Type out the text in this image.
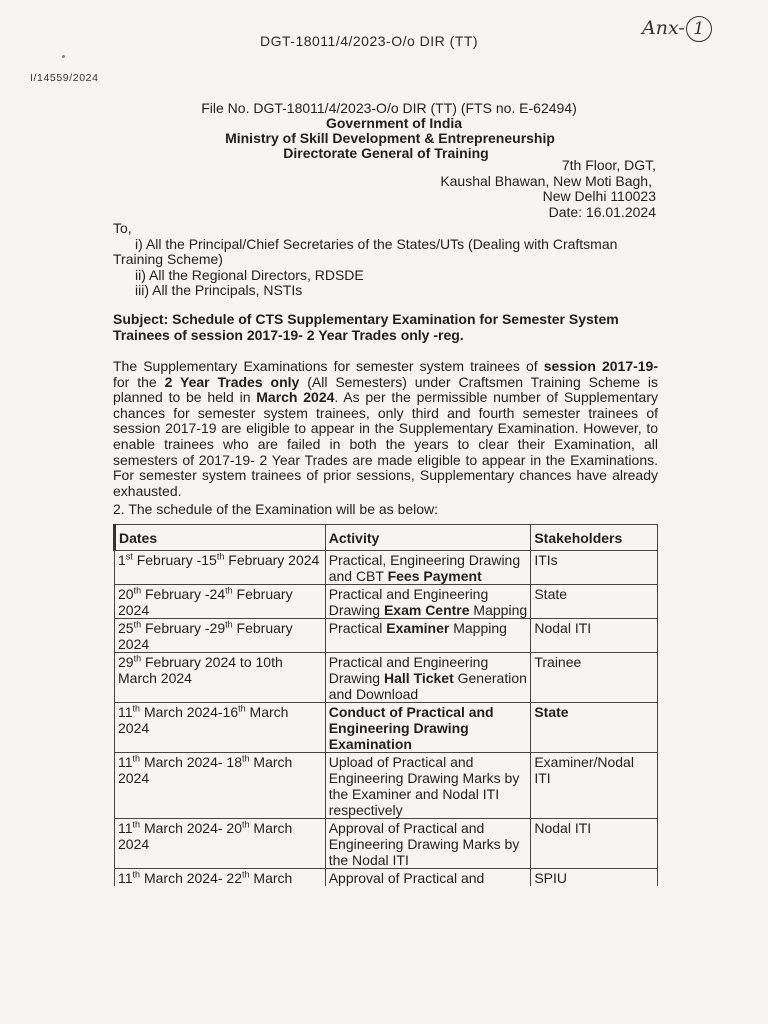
DGT-18011/4/2023-O/o DIR (TT)
Anx- 1
I/14559/2024
File No. DGT-18011/4/2023-O/o DIR (TT) (FTS no. E-62494)
Government of India
Ministry of Skill Development & Entrepreneurship
Directorate General of Training
7th Floor, DGT,
Kaushal Bhawan, New Moti Bagh,
New Delhi 110023
Date: 16.01.2024
To,
i) All the Principal/Chief Secretaries of the States/UTs (Dealing with Craftsman Training Scheme)
ii) All the Regional Directors, RDSDE
iii) All the Principals, NSTIs
Subject: Schedule of CTS Supplementary Examination for Semester System Trainees of session 2017-19- 2 Year Trades only -reg.
The Supplementary Examinations for semester system trainees of session 2017-19- for the 2 Year Trades only (All Semesters) under Craftsmen Training Scheme is planned to be held in March 2024. As per the permissible number of Supplementary chances for semester system trainees, only third and fourth semester trainees of session 2017-19 are eligible to appear in the Supplementary Examination. However, to enable trainees who are failed in both the years to clear their Examination, all semesters of 2017-19- 2 Year Trades are made eligible to appear in the Examinations. For semester system trainees of prior sessions, Supplementary chances have already exhausted.
2. The schedule of the Examination will be as below:
Dates	Activity	Stakeholders
1st February -15th February 2024	Practical, Engineering Drawing and CBT Fees Payment	ITIs
20th February -24th February 2024	Practical and Engineering Drawing Exam Centre Mapping	State
25th February -29th February 2024	Practical Examiner Mapping	Nodal ITI
29th February 2024 to 10th March 2024	Practical and Engineering Drawing Hall Ticket Generation and Download	Trainee
11th March 2024-16th March 2024	Conduct of Practical and Engineering Drawing Examination	State
11th March 2024- 18th March 2024	Upload of Practical and Engineering Drawing Marks by the Examiner and Nodal ITI respectively	Examiner/Nodal ITI
11th March 2024- 20th March 2024	Approval of Practical and Engineering Drawing Marks by the Nodal ITI	Nodal ITI
11th March 2024- 22th March	Approval of Practical and	SPIU
